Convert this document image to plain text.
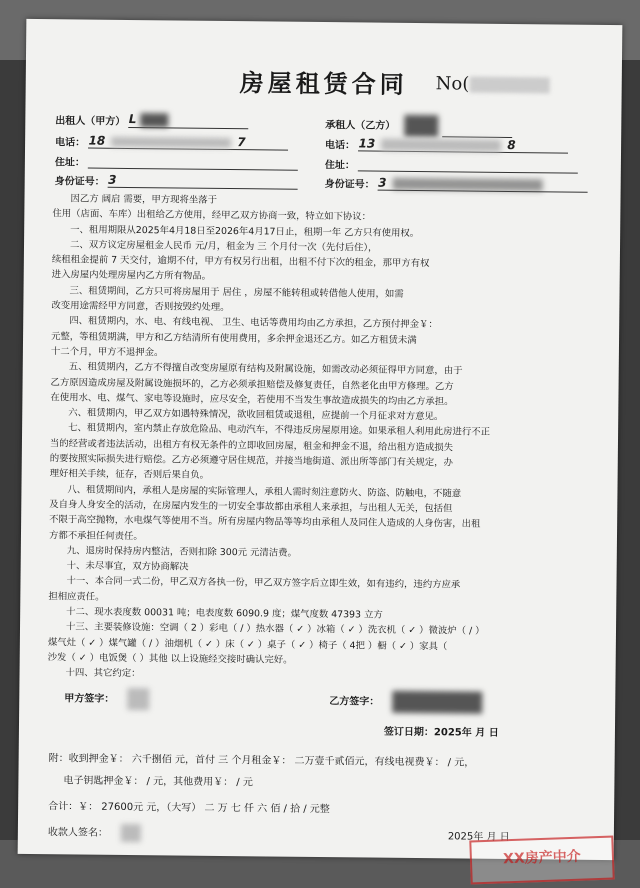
房屋租赁合同	No(
出租人（甲方） L	承租人（乙方）
电话： 18	7	电话： 13	8
住址：	住址：
身份证号： 3	身份证号： 3
因乙方 阔启 需要，甲方现将坐落于
住用（店面、车库）出租给乙方使用，经甲乙双方协商一致，特立如下协议：
一、租用期限从2025年4月18日至2026年4月17日止，租期一年 乙方只有使用权。
二、双方议定房屋租金人民币 元/月，租金为 三 个月付一次（先付后住），
续租租金提前 7 天交付，逾期不付，甲方有权另行出租，出租不付下次的租金，那甲方有权
进入房屋内处理房屋内乙方所有物品。
三、租赁期间，乙方只可将房屋用于 居住 ，房屋不能转租或转借他人使用，如需
改变用途需经甲方同意，否则按毁约处理。
四、租赁期内，水、电、有线电视、 卫生、电话等费用均由乙方承担，乙方预付押金￥：
元整，等租赁期满，甲方和乙方结清所有使用费用，多余押金退还乙方。如乙方租赁未满
十二个月，甲方不退押金。
五、租赁期内，乙方不得擅自改变房屋原有结构及附属设施，如需改动必须征得甲方同意，由于
乙方原因造成房屋及附属设施损坏的，乙方必须承担赔偿及修复责任，自然老化由甲方修理。乙方
在使用水、电、煤气、家电等设施时，应尽安全，若使用不当发生事故造成损失的均由乙方承担。
六、租赁期内，甲乙双方如遇特殊情况，欲收回租赁或退租，应提前一个月征求对方意见。
七、租赁期内，室内禁止存放危险品、电动汽车，不得违反房屋原用途。如果承租人利用此房进行不正
当的经营或者违法活动，出租方有权无条件的立即收回房屋，租金和押金不退，给出租方造成损失
的要按照实际损失进行赔偿。乙方必须遵守居住规范，并接当地街道、派出所等部门有关规定，办
理好相关手续，征存，否则后果自负。
八、租赁期间内，承租人是房屋的实际管理人，承租人需时刻注意防火、防盗、防触电，不随意
及自身人身安全的活动，在房屋内发生的一切安全事故都由承租人来承担，与出租人无关，包括但
不限于高空抛物，水电煤气等使用不当。所有房屋内物品等等均由承租人及同住人造成的人身伤害，出租
方都不承担任何责任。
九、退房时保持房内整洁，否则扣除 300元 元清洁费。
十、未尽事宜，双方协商解决
十一、本合同一式二份，甲乙双方各执一份，甲乙双方签字后立即生效，如有违约，违约方应承
担相应责任。
十二、现水表度数 00031 吨；电表度数 6090.9 度；煤气度数 47393 立方
十三、主要装修设施：空调（ 2 ）彩电（ / ）热水器（ ✓ ）冰箱（ ✓ ）洗衣机（ ✓ ）微波炉（ / ）
煤气灶（ ✓ ）煤气罐（ / ）油烟机（ ✓ ）床（ ✓ ）桌子（ ✓ ）椅子（ 4把 ）橱（ ✓ ）家具（
沙发（ ✓ ）电饭煲（ ）其他 以上设施经交接时确认完好。
十四、其它约定：
甲方签字：	乙方签字：
签订日期：2025年 月 日
附：收到押金￥： 六千捌佰 元，首付 三 个月租金￥： 二万壹千贰佰元，有线电视费￥： / 元，
电子钥匙押金￥： / 元，其他费用￥： / 元
合计：￥： 27600元 元，（大写） 二 万 七 仟 六 佰 / 拾 / 元整
收款人签名：	2025年 月 日
XX房产中介
